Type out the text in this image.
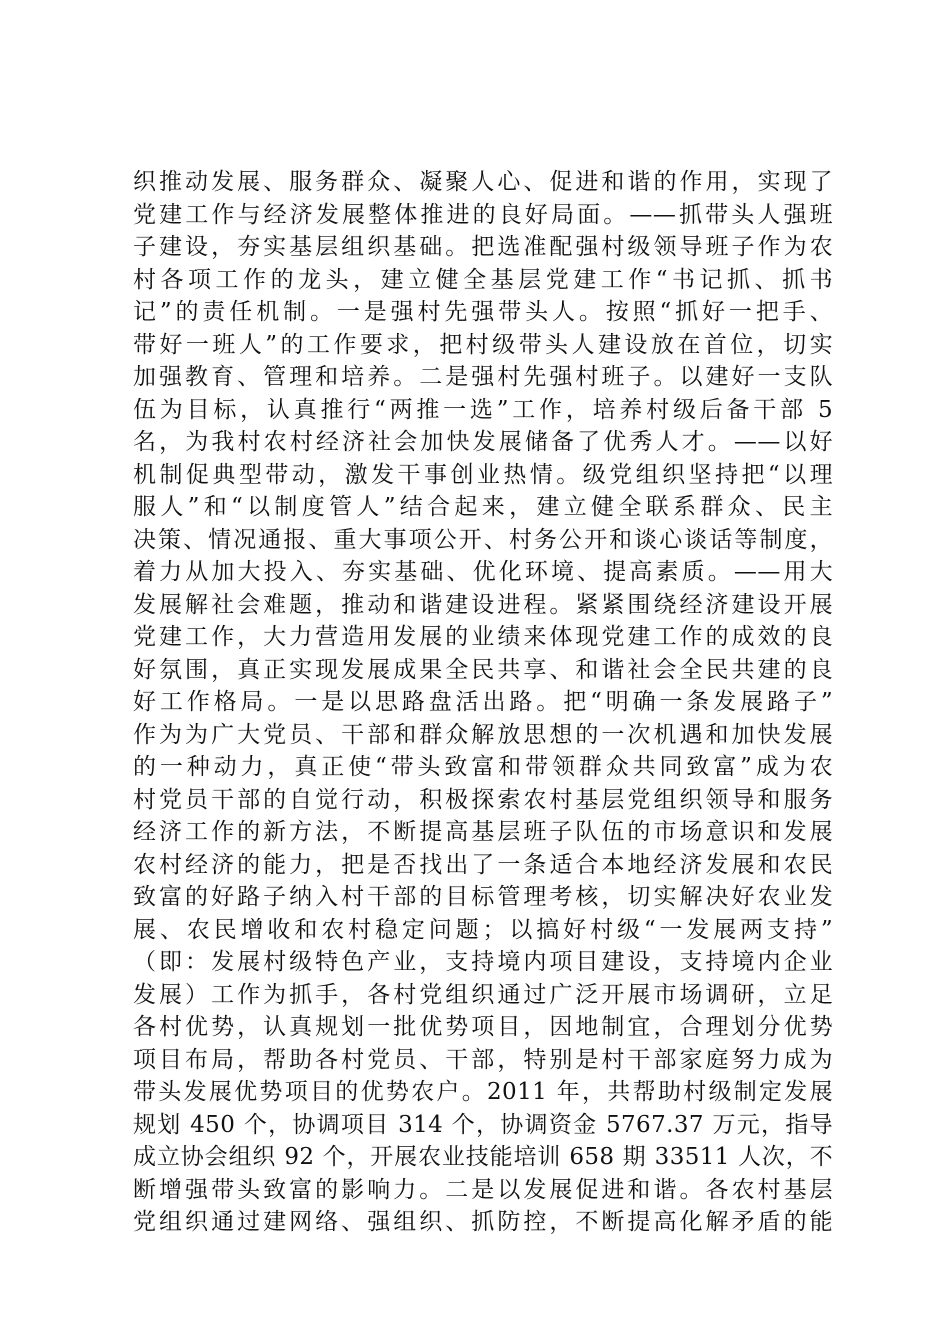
织推动发展、服务群众、凝聚人心、促进和谐的作用，实现了
党建工作与经济发展整体推进的良好局面。——抓带头人强班
子建设，夯实基层组织基础。把选准配强村级领导班子作为农
村各项工作的龙头，建立健全基层党建工作“书记抓、抓书
记”的责任机制。一是强村先强带头人。按照“抓好一把手、
带好一班人”的工作要求，把村级带头人建设放在首位，切实
加强教育、管理和培养。二是强村先强村班子。以建好一支队
伍为目标，认真推行“两推一选”工作，培养村级后备干部 5
名，为我村农村经济社会加快发展储备了优秀人才。——以好
机制促典型带动，激发干事创业热情。级党组织坚持把“以理
服人”和“以制度管人”结合起来，建立健全联系群众、民主
决策、情况通报、重大事项公开、村务公开和谈心谈话等制度，
着力从加大投入、夯实基础、优化环境、提高素质。——用大
发展解社会难题，推动和谐建设进程。紧紧围绕经济建设开展
党建工作，大力营造用发展的业绩来体现党建工作的成效的良
好氛围，真正实现发展成果全民共享、和谐社会全民共建的良
好工作格局。一是以思路盘活出路。把“明确一条发展路子”
作为为广大党员、干部和群众解放思想的一次机遇和加快发展
的一种动力，真正使“带头致富和带领群众共同致富”成为农
村党员干部的自觉行动，积极探索农村基层党组织领导和服务
经济工作的新方法，不断提高基层班子队伍的市场意识和发展
农村经济的能力，把是否找出了一条适合本地经济发展和农民
致富的好路子纳入村干部的目标管理考核，切实解决好农业发
展、农民增收和农村稳定问题；以搞好村级“一发展两支持”
（即：发展村级特色产业，支持境内项目建设，支持境内企业
发展）工作为抓手，各村党组织通过广泛开展市场调研，立足
各村优势，认真规划一批优势项目，因地制宜，合理划分优势
项目布局，帮助各村党员、干部，特别是村干部家庭努力成为
带头发展优势项目的优势农户。2011 年，共帮助村级制定发展
规划 450 个，协调项目 314 个，协调资金 5767.37 万元，指导
成立协会组织 92 个，开展农业技能培训 658 期 33511 人次，不
断增强带头致富的影响力。二是以发展促进和谐。各农村基层
党组织通过建网络、强组织、抓防控，不断提高化解矛盾的能
